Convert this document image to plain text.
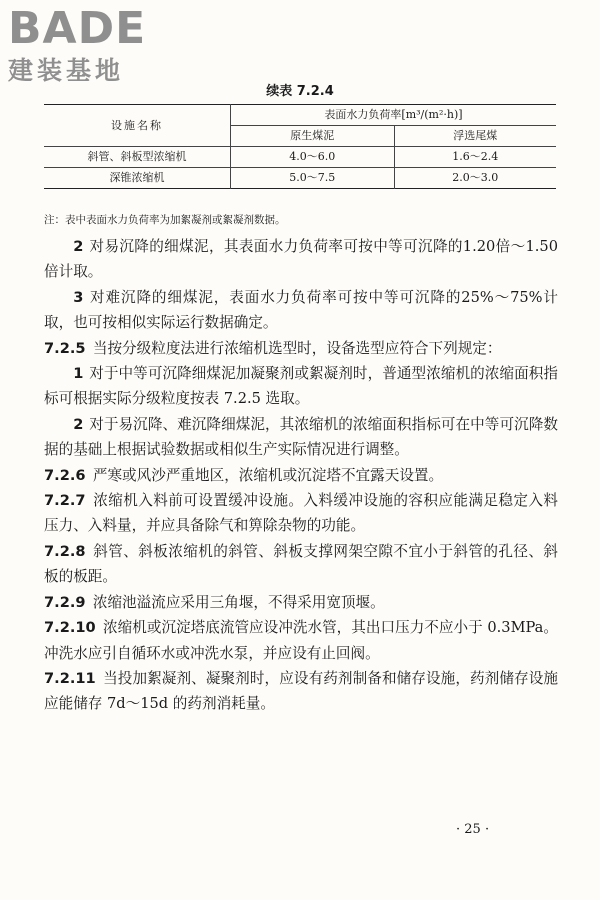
BADE
建装基地
续表 7.2.4
设施名称	表面水力负荷率[m³/(m²·h)]	
	原生煤泥	浮选尾煤
斜管、斜板型浓缩机	4.0～6.0	1.6～2.4
深锥浓缩机	5.0～7.5	2.0～3.0
注：表中表面水力负荷率为加絮凝剂或絮凝剂数据。

2 对易沉降的细煤泥，其表面水力负荷率可按中等可沉降的1.20倍～1.50倍计取。

3 对难沉降的细煤泥，表面水力负荷率可按中等可沉降的25%～75%计取，也可按相似实际运行数据确定。

7.2.5 当按分级粒度法进行浓缩机选型时，设备选型应符合下列规定：

1 对于中等可沉降细煤泥加凝聚剂或絮凝剂时，普通型浓缩机的浓缩面积指标可根据实际分级粒度按表 7.2.5 选取。

2 对于易沉降、难沉降细煤泥，其浓缩机的浓缩面积指标可在中等可沉降数据的基础上根据试验数据或相似生产实际情况进行调整。

7.2.6 严寒或风沙严重地区，浓缩机或沉淀塔不宜露天设置。

7.2.7 浓缩机入料前可设置缓冲设施。入料缓冲设施的容积应能满足稳定入料压力、入料量，并应具备除气和箅除杂物的功能。

7.2.8 斜管、斜板浓缩机的斜管、斜板支撑网架空隙不宜小于斜管的孔径、斜板的板距。

7.2.9 浓缩池溢流应采用三角堰，不得采用宽顶堰。

7.2.10 浓缩机或沉淀塔底流管应设冲洗水管，其出口压力不应小于 0.3MPa。冲洗水应引自循环水或冲洗水泵，并应设有止回阀。

7.2.11 当投加絮凝剂、凝聚剂时，应设有药剂制备和储存设施，药剂储存设施应能储存 7d～15d 的药剂消耗量。

· 25 ·
